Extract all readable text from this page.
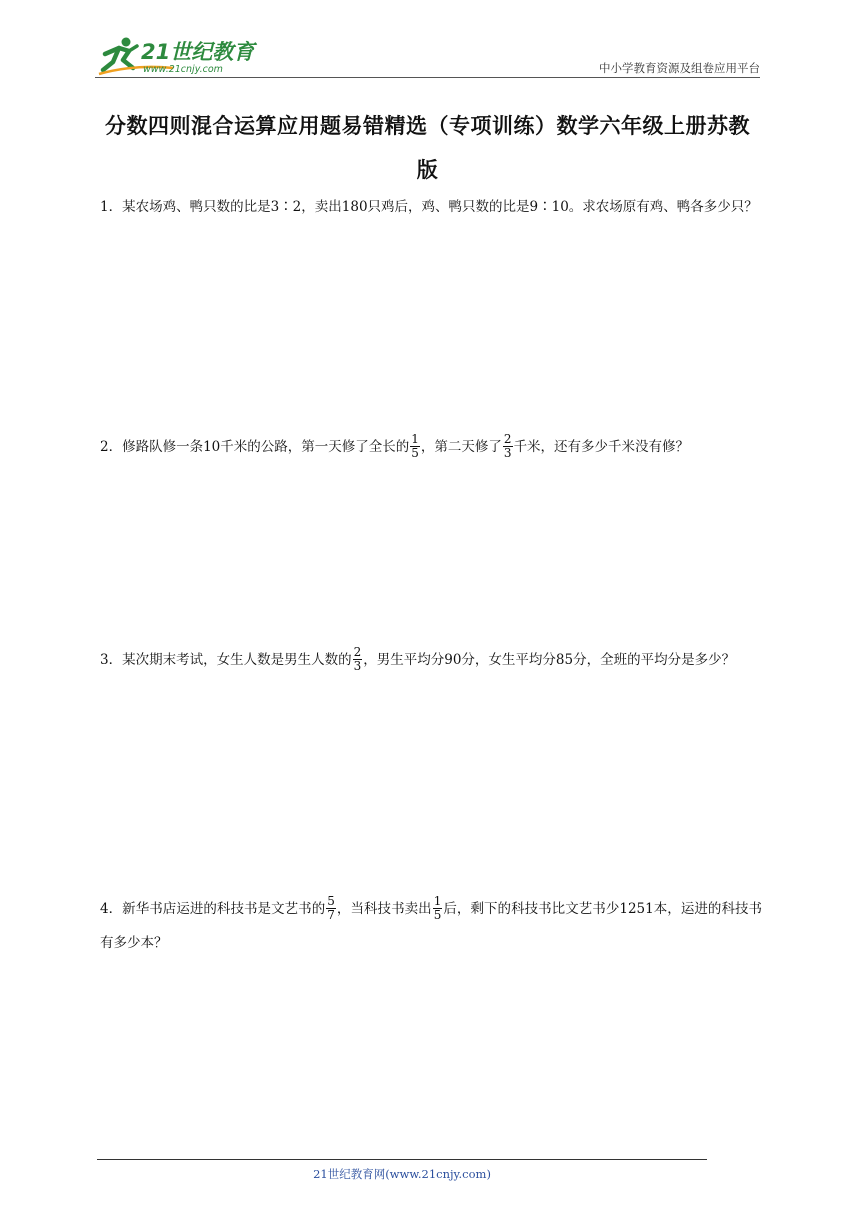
21世纪教育
www.21cnjy.com	中小学教育资源及组卷应用平台
分数四则混合运算应用题易错精选（专项训练）数学六年级上册苏教版
1．某农场鸡、鸭只数的比是3∶2，卖出180只鸡后，鸡、鸭只数的比是9∶10。求农场原有鸡、鸭各多少只？
2．修路队修一条10千米的公路，第一天修了全长的 $\frac{1}{5}$ ，第二天修了 $\frac{2}{3}$ 千米，还有多少千米没有修？
3．某次期末考试，女生人数是男生人数的 $\frac{2}{3}$ ，男生平均分90分，女生平均分85分，全班的平均分是多少？
4．新华书店运进的科技书是文艺书的 $\frac{5}{7}$ ，当科技书卖出 $\frac{1}{5}$ 后，剩下的科技书比文艺书少1251本，运进的科技书有多少本？
21世纪教育网(www.21cnjy.com)
